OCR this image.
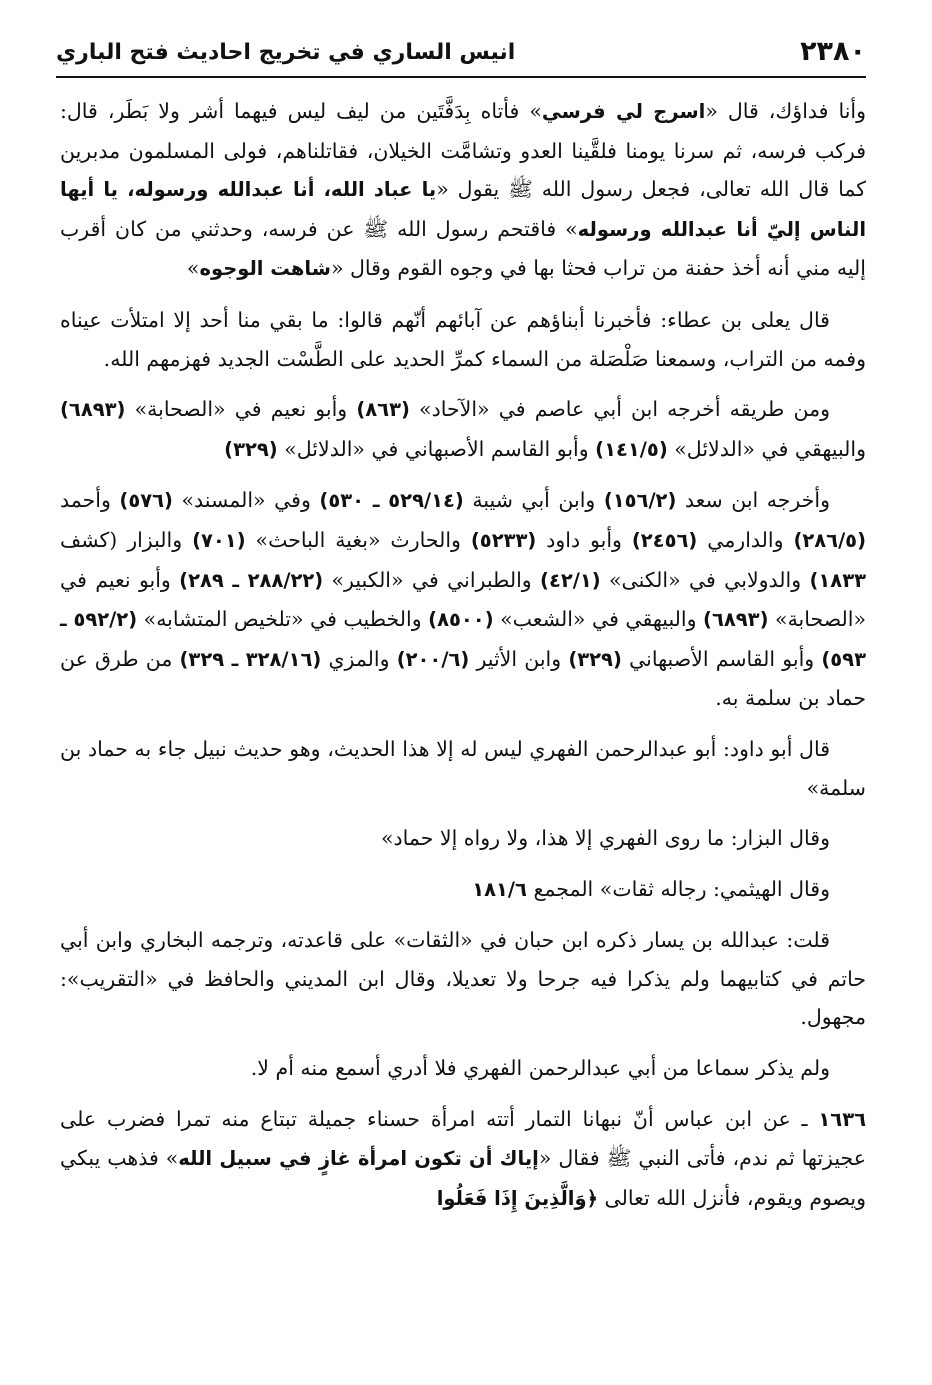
٢٣٨٠
انيس الساري في تخريج احاديث فتح الباري

وأنا فداؤك، قال «اسرج لي فرسي» فأتاه بِدَفَّتَين من ليف ليس فيهما أشر ولا بَطَر، قال: فركب فرسه، ثم سرنا يومنا فلقَّينا العدو وتشامَّت الخيلان، فقاتلناهم، فولى المسلمون مدبرين كما قال الله تعالى، فجعل رسول الله ﷺ يقول «يا عباد الله، أنا عبدالله ورسوله، يا أيها الناس إليّ أنا عبدالله ورسوله» فاقتحم رسول الله ﷺ عن فرسه، وحدثني من كان أقرب إليه مني أنه أخذ حفنة من تراب فحثا بها في وجوه القوم وقال «شاهت الوجوه»

قال يعلى بن عطاء: فأخبرنا أبناؤهم عن آبائهم أنّهم قالوا: ما بقي منا أحد إلا امتلأت عيناه وفمه من التراب، وسمعنا صَلْصَلة من السماء كمرِّ الحديد على الطَّسْت الجديد فهزمهم الله.

ومن طريقه أخرجه ابن أبي عاصم في «الآحاد» (٨٦٣) وأبو نعيم في «الصحابة» (٦٨٩٣) والبيهقي في «الدلائل» (١٤١/٥) وأبو القاسم الأصبهاني في «الدلائل» (٣٢٩)

وأخرجه ابن سعد (١٥٦/٢) وابن أبي شيبة (٥٢٩/١٤ ـ ٥٣٠) وفي «المسند» (٥٧٦) وأحمد (٢٨٦/٥) والدارمي (٢٤٥٦) وأبو داود (٥٢٣٣) والحارث «بغية الباحث» (٧٠١) والبزار (كشف ١٨٣٣) والدولابي في «الكنى» (٤٢/١) والطبراني في «الكبير» (٢٨٨/٢٢ ـ ٢٨٩) وأبو نعيم في «الصحابة» (٦٨٩٣) والبيهقي في «الشعب» (٨٥٠٠) والخطيب في «تلخيص المتشابه» (٥٩٢/٢ ـ ٥٩٣) وأبو القاسم الأصبهاني (٣٢٩) وابن الأثير (٢٠٠/٦) والمزي (٣٢٨/١٦ ـ ٣٢٩) من طرق عن حماد بن سلمة به.

قال أبو داود: أبو عبدالرحمن الفهري ليس له إلا هذا الحديث، وهو حديث نبيل جاء به حماد بن سلمة»

وقال البزار: ما روى الفهري إلا هذا، ولا رواه إلا حماد»

وقال الهيثمي: رجاله ثقات» المجمع ١٨١/٦

قلت: عبدالله بن يسار ذكره ابن حبان في «الثقات» على قاعدته، وترجمه البخاري وابن أبي حاتم في كتابيهما ولم يذكرا فيه جرحا ولا تعديلا، وقال ابن المديني والحافظ في «التقريب»: مجهول.

ولم يذكر سماعا من أبي عبدالرحمن الفهري فلا أدري أسمع منه أم لا.

١٦٣٦ ـ عن ابن عباس أنّ نبهانا التمار أتته امرأة حسناء جميلة تبتاع منه تمرا فضرب على عجيزتها ثم ندم، فأتى النبي ﷺ فقال «إياك أن تكون امرأة غازٍ في سبيل الله» فذهب يبكي ويصوم ويقوم، فأنزل الله تعالى ﴿وَالَّذِينَ إِذَا فَعَلُوا
